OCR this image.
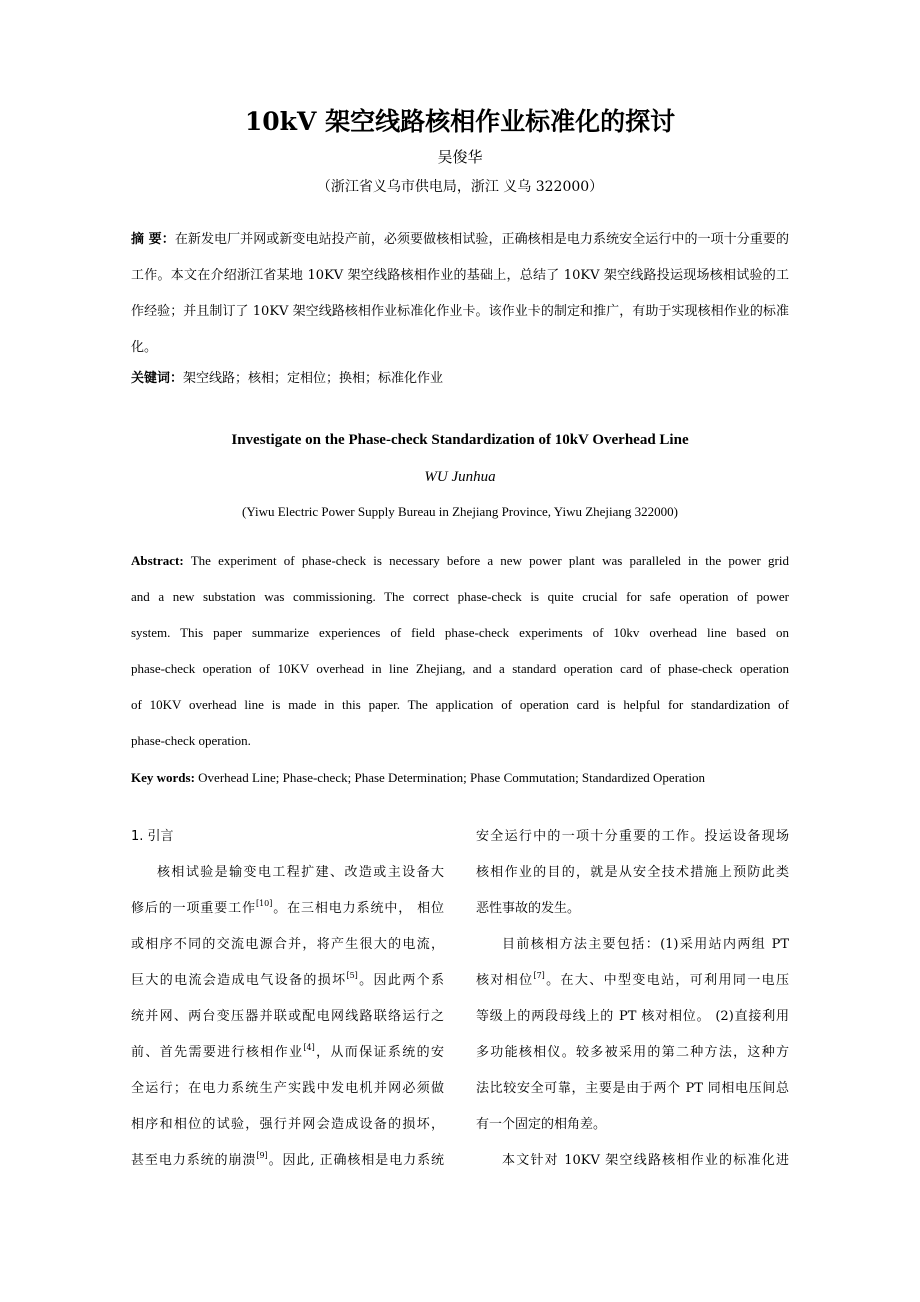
10kV 架空线路核相作业标准化的探讨
吴俊华
（浙江省义乌市供电局，浙江 义乌 322000）
摘 要：在新发电厂并网或新变电站投产前，必须要做核相试验，正确核相是电力系统安全运行中的一项十分重要的工作。本文在介绍浙江省某地 10KV 架空线路核相作业的基础上，总结了 10KV 架空线路投运现场核相试验的工作经验；并且制订了 10KV 架空线路核相作业标准化作业卡。该作业卡的制定和推广，有助于实现核相作业的标准化。
关键词：架空线路；核相；定相位；换相；标准化作业
Investigate on the Phase-check Standardization of 10kV Overhead Line
WU Junhua
(Yiwu Electric Power Supply Bureau in Zhejiang Province, Yiwu Zhejiang 322000)
Abstract: The experiment of phase-check is necessary before a new power plant was paralleled in the power grid
and a new substation was commissioning. The correct phase-check is quite crucial for safe operation of power
system. This paper summarize experiences of field phase-check experiments of 10kv overhead line based on
phase-check operation of 10KV overhead in line Zhejiang, and a standard operation card of phase-check operation
of 10KV overhead line is made in this paper. The application of operation card is helpful for standardization of
phase-check operation.
Key words: Overhead Line; Phase-check; Phase Determination; Phase Commutation; Standardized Operation
1. 引言
核相试验是输变电工程扩建、改造或主设备大
修后的一项重要工作[10]。在三相电力系统中， 相位
或相序不同的交流电源合并，将产生很大的电流，
巨大的电流会造成电气设备的损坏[5]。因此两个系
统并网、两台变压器并联或配电网线路联络运行之
前、首先需要进行核相作业[4]，从而保证系统的安
全运行；在电力系统生产实践中发电机并网必须做
相序和相位的试验，强行并网会造成设备的损坏，
甚至电力系统的崩溃[9]。因此, 正确核相是电力系统
安全运行中的一项十分重要的工作。投运设备现场
核相作业的目的，就是从安全技术措施上预防此类
恶性事故的发生。
目前核相方法主要包括：(1)采用站内两组 PT
核对相位[7]。在大、中型变电站，可利用同一电压
等级上的两段母线上的 PT 核对相位。 (2)直接利用
多功能核相仪。较多被采用的第二种方法，这种方
法比较安全可靠，主要是由于两个 PT 同相电压间总
有一个固定的相角差。
本文针对 10KV 架空线路核相作业的标准化进
